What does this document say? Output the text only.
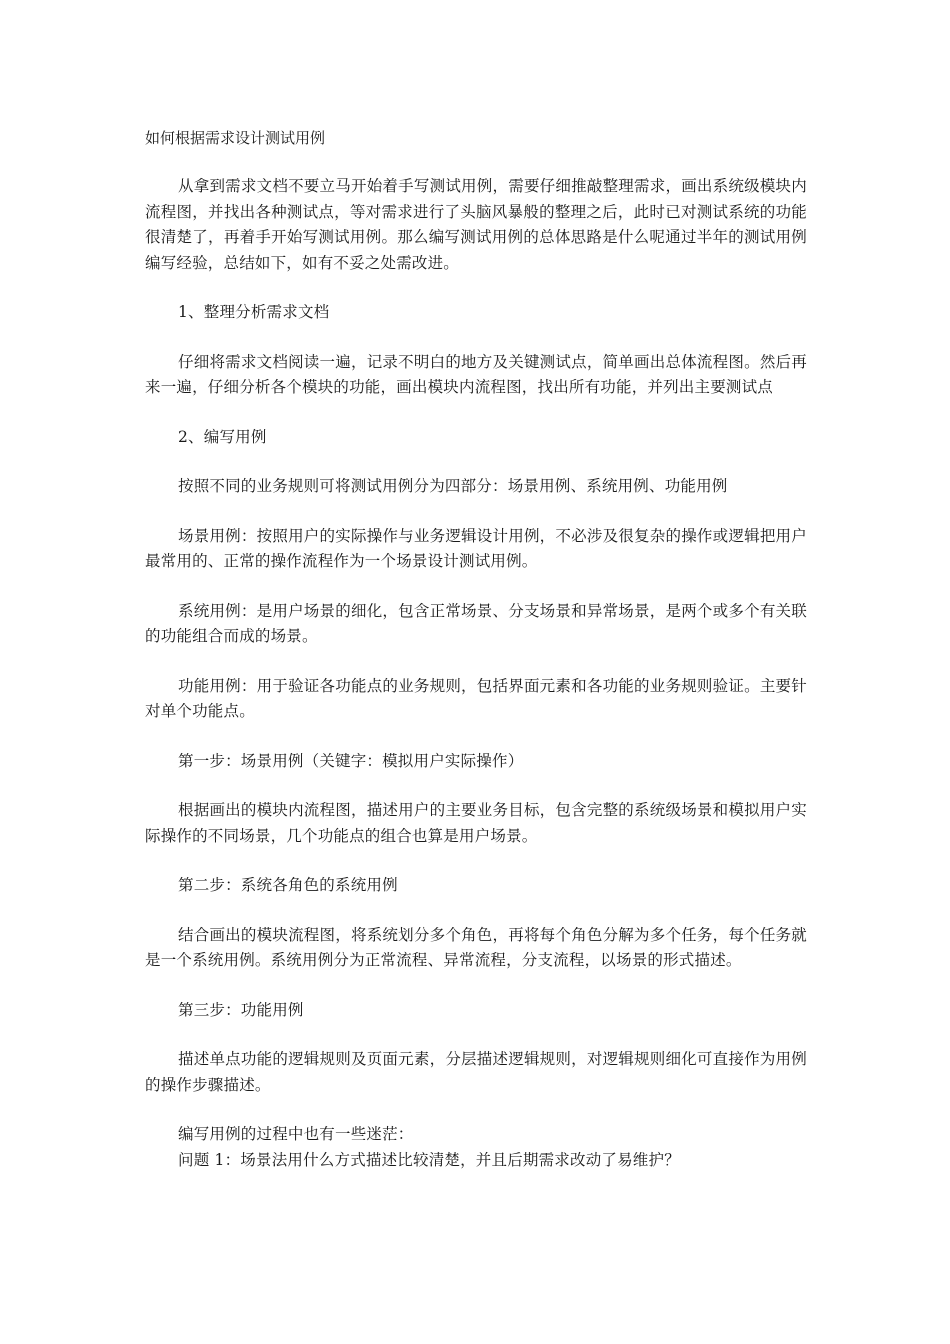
如何根据需求设计测试用例

从拿到需求文档不要立马开始着手写测试用例，需要仔细推敲整理需求，画出系统级模块内流程图，并找出各种测试点，等对需求进行了头脑风暴般的整理之后，此时已对测试系统的功能很清楚了，再着手开始写测试用例。那么编写测试用例的总体思路是什么呢通过半年的测试用例编写经验，总结如下，如有不妥之处需改进。

1、整理分析需求文档

仔细将需求文档阅读一遍，记录不明白的地方及关键测试点，简单画出总体流程图。然后再来一遍，仔细分析各个模块的功能，画出模块内流程图，找出所有功能，并列出主要测试点

2、编写用例

按照不同的业务规则可将测试用例分为四部分：场景用例、系统用例、功能用例

场景用例：按照用户的实际操作与业务逻辑设计用例，不必涉及很复杂的操作或逻辑把用户最常用的、正常的操作流程作为一个场景设计测试用例。

系统用例：是用户场景的细化，包含正常场景、分支场景和异常场景，是两个或多个有关联的功能组合而成的场景。

功能用例：用于验证各功能点的业务规则，包括界面元素和各功能的业务规则验证。主要针对单个功能点。

第一步：场景用例（关键字：模拟用户实际操作）

根据画出的模块内流程图，描述用户的主要业务目标，包含完整的系统级场景和模拟用户实际操作的不同场景，几个功能点的组合也算是用户场景。

第二步：系统各角色的系统用例

结合画出的模块流程图，将系统划分多个角色，再将每个角色分解为多个任务，每个任务就是一个系统用例。系统用例分为正常流程、异常流程，分支流程，以场景的形式描述。

第三步：功能用例

描述单点功能的逻辑规则及页面元素，分层描述逻辑规则，对逻辑规则细化可直接作为用例的操作步骤描述。

编写用例的过程中也有一些迷茫：

问题 1：场景法用什么方式描述比较清楚，并且后期需求改动了易维护？
